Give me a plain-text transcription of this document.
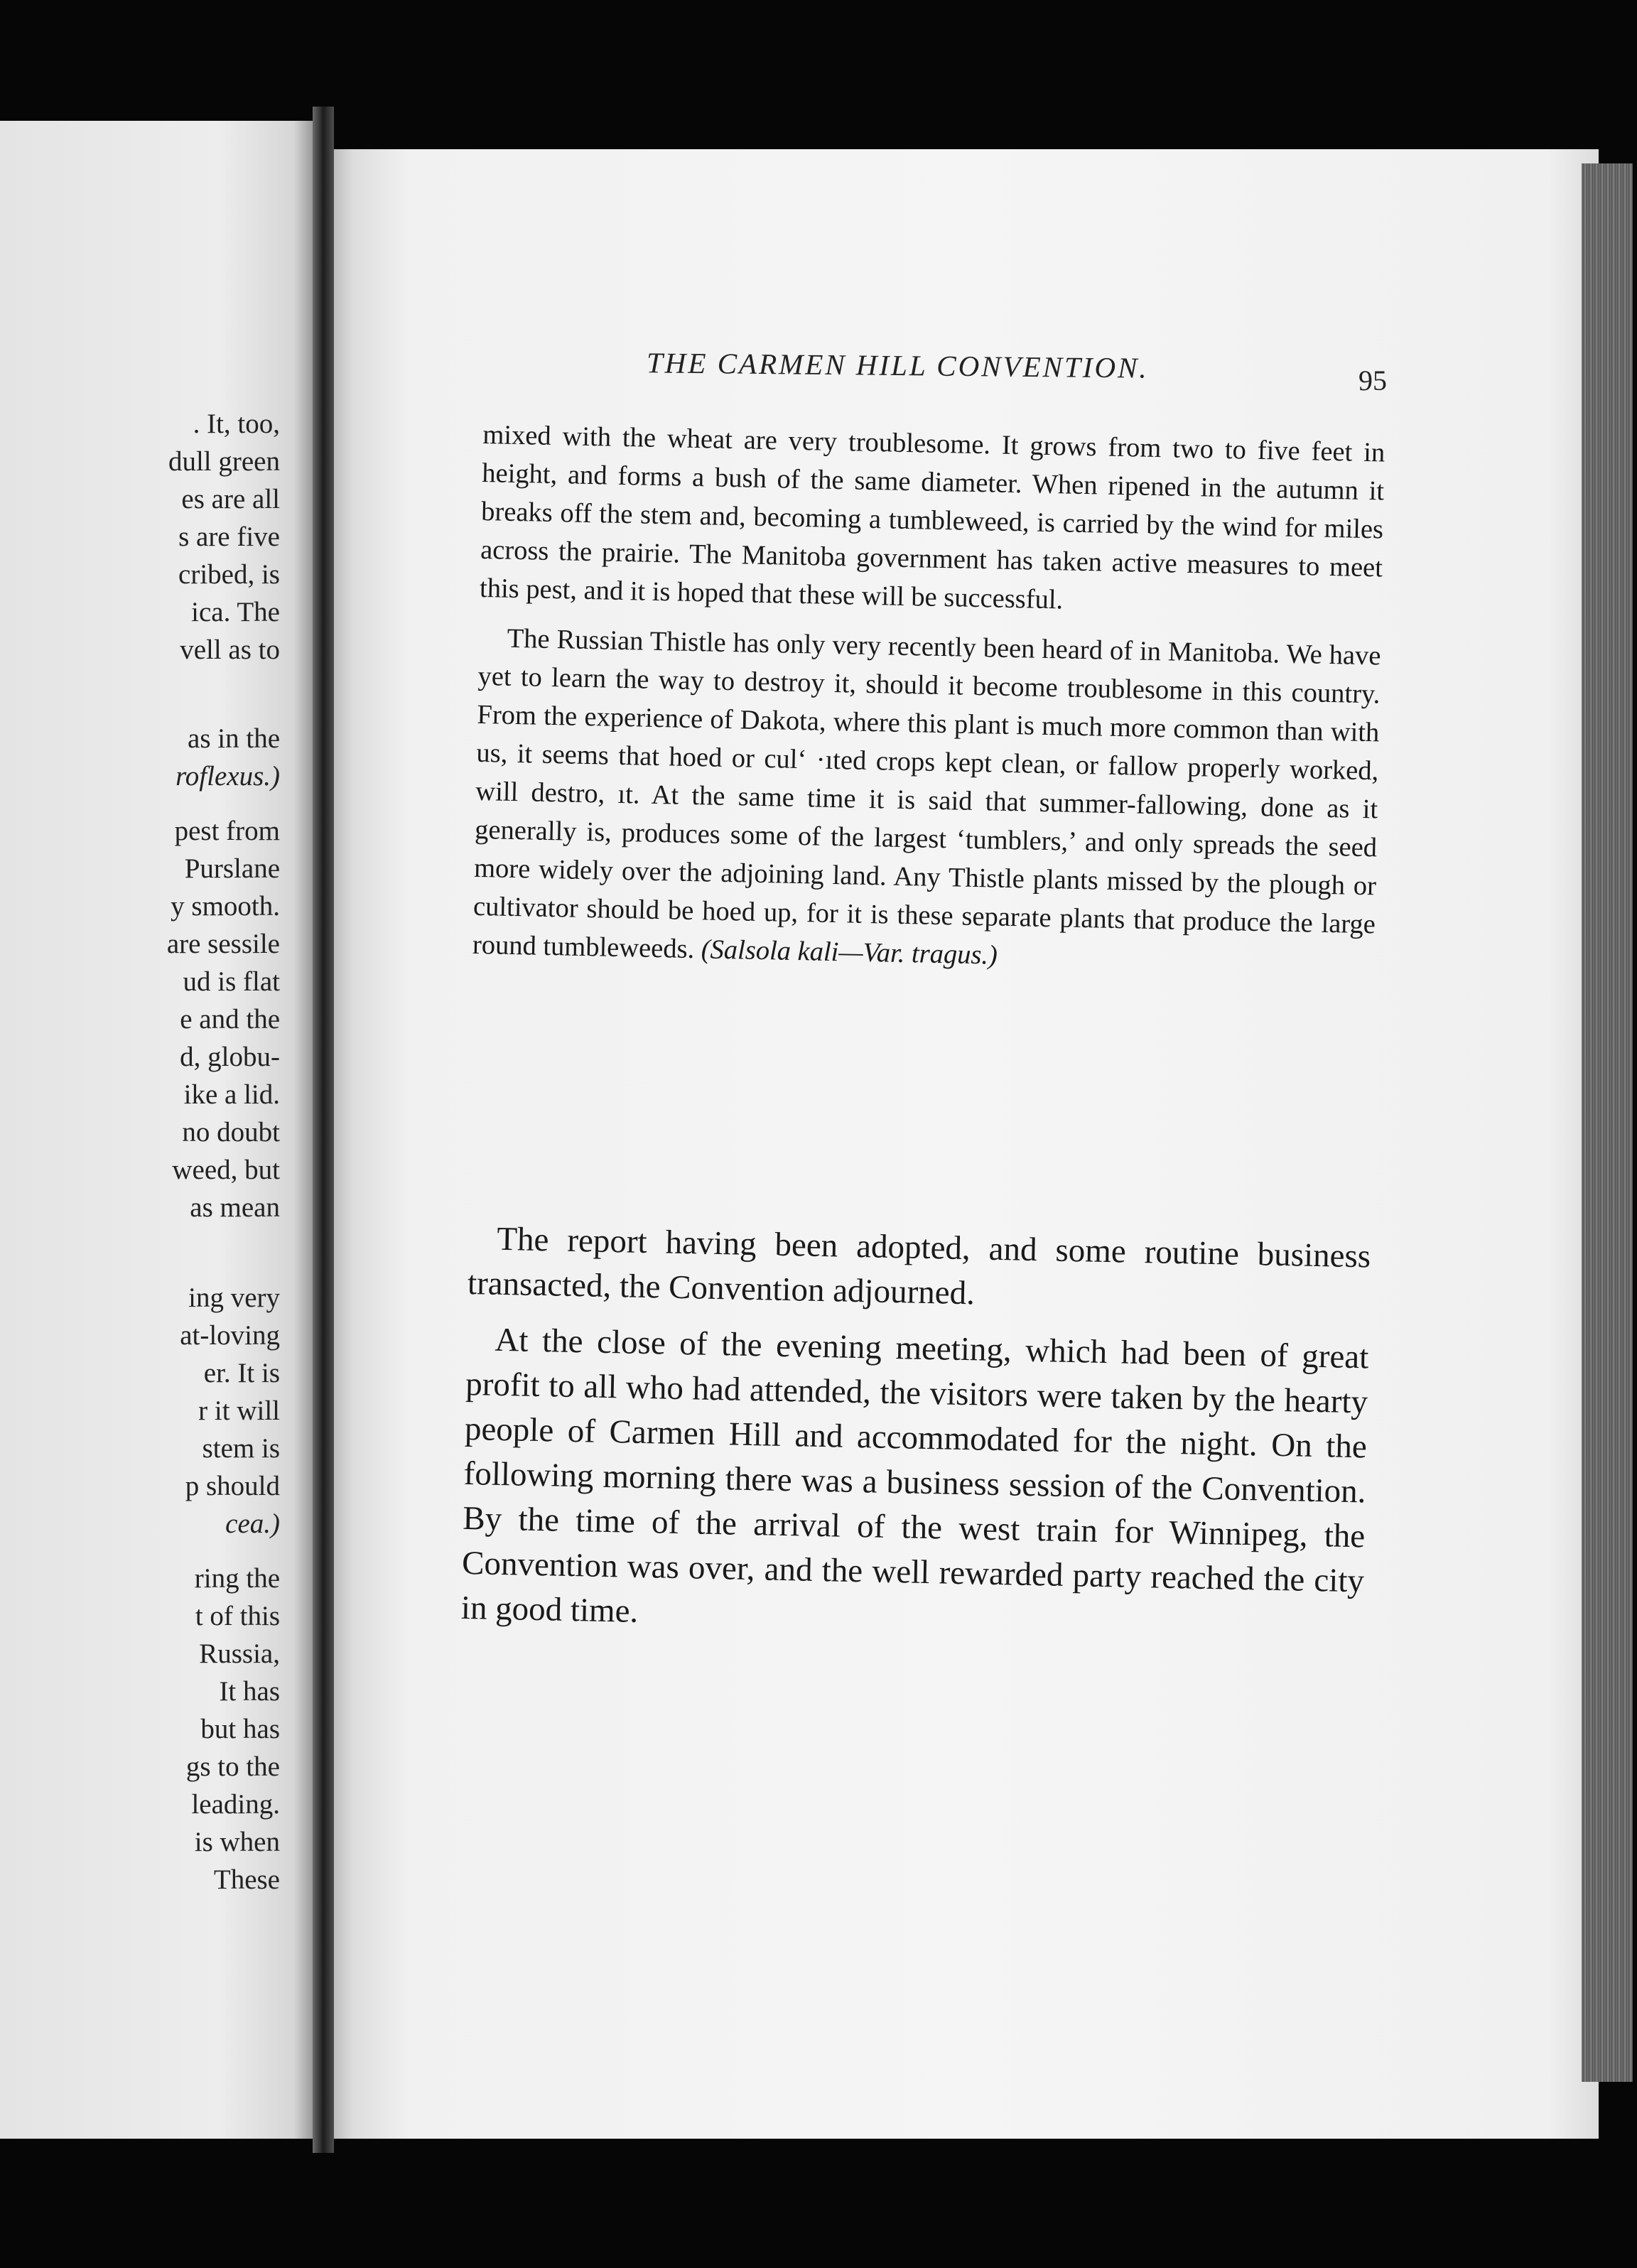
. It, too,
dull green
es are all
s are five
cribed, is
ica. The
vell as to
as in the
roflexus.)
pest from
Purslane
y smooth.
are sessile
ud is flat
e and the
d, globu-
ike a lid.
no doubt
weed, but
as mean
ing very
at-loving
er. It is
r it will
stem is
p should
cea.)
ring the
t of this
Russia,
It has
but has
gs to the
leading.
is when
These
THE CARMEN HILL CONVENTION.	95

mixed with the wheat are very troublesome. It grows from two to five feet in height, and forms a bush of the same diameter. When ripened in the autumn it breaks off the stem and, becoming a tumbleweed, is carried by the wind for miles across the prairie. The Manitoba government has taken active measures to meet this pest, and it is hoped that these will be successful.

The Russian Thistle has only very recently been heard of in Manitoba. We have yet to learn the way to destroy it, should it become troublesome in this country. From the experience of Dakota, where this plant is much more common than with us, it seems that hoed or cul‘ ·ıted crops kept clean, or fallow properly worked, will destro, ıt. At the same time it is said that summer-fallowing, done as it generally is, produces some of the largest ‘tumblers,’ and only spreads the seed more widely over the adjoining land. Any Thistle plants missed by the plough or cultivator should be hoed up, for it is these separate plants that produce the large round tumbleweeds. (Salsola kali—Var. tragus.)

The report having been adopted, and some routine business transacted, the Convention adjourned.

At the close of the evening meeting, which had been of great profit to all who had attended, the visitors were taken by the hearty people of Carmen Hill and accommodated for the night. On the following morning there was a business session of the Convention. By the time of the arrival of the west train for Winnipeg, the Convention was over, and the well rewarded party reached the city in good time.
